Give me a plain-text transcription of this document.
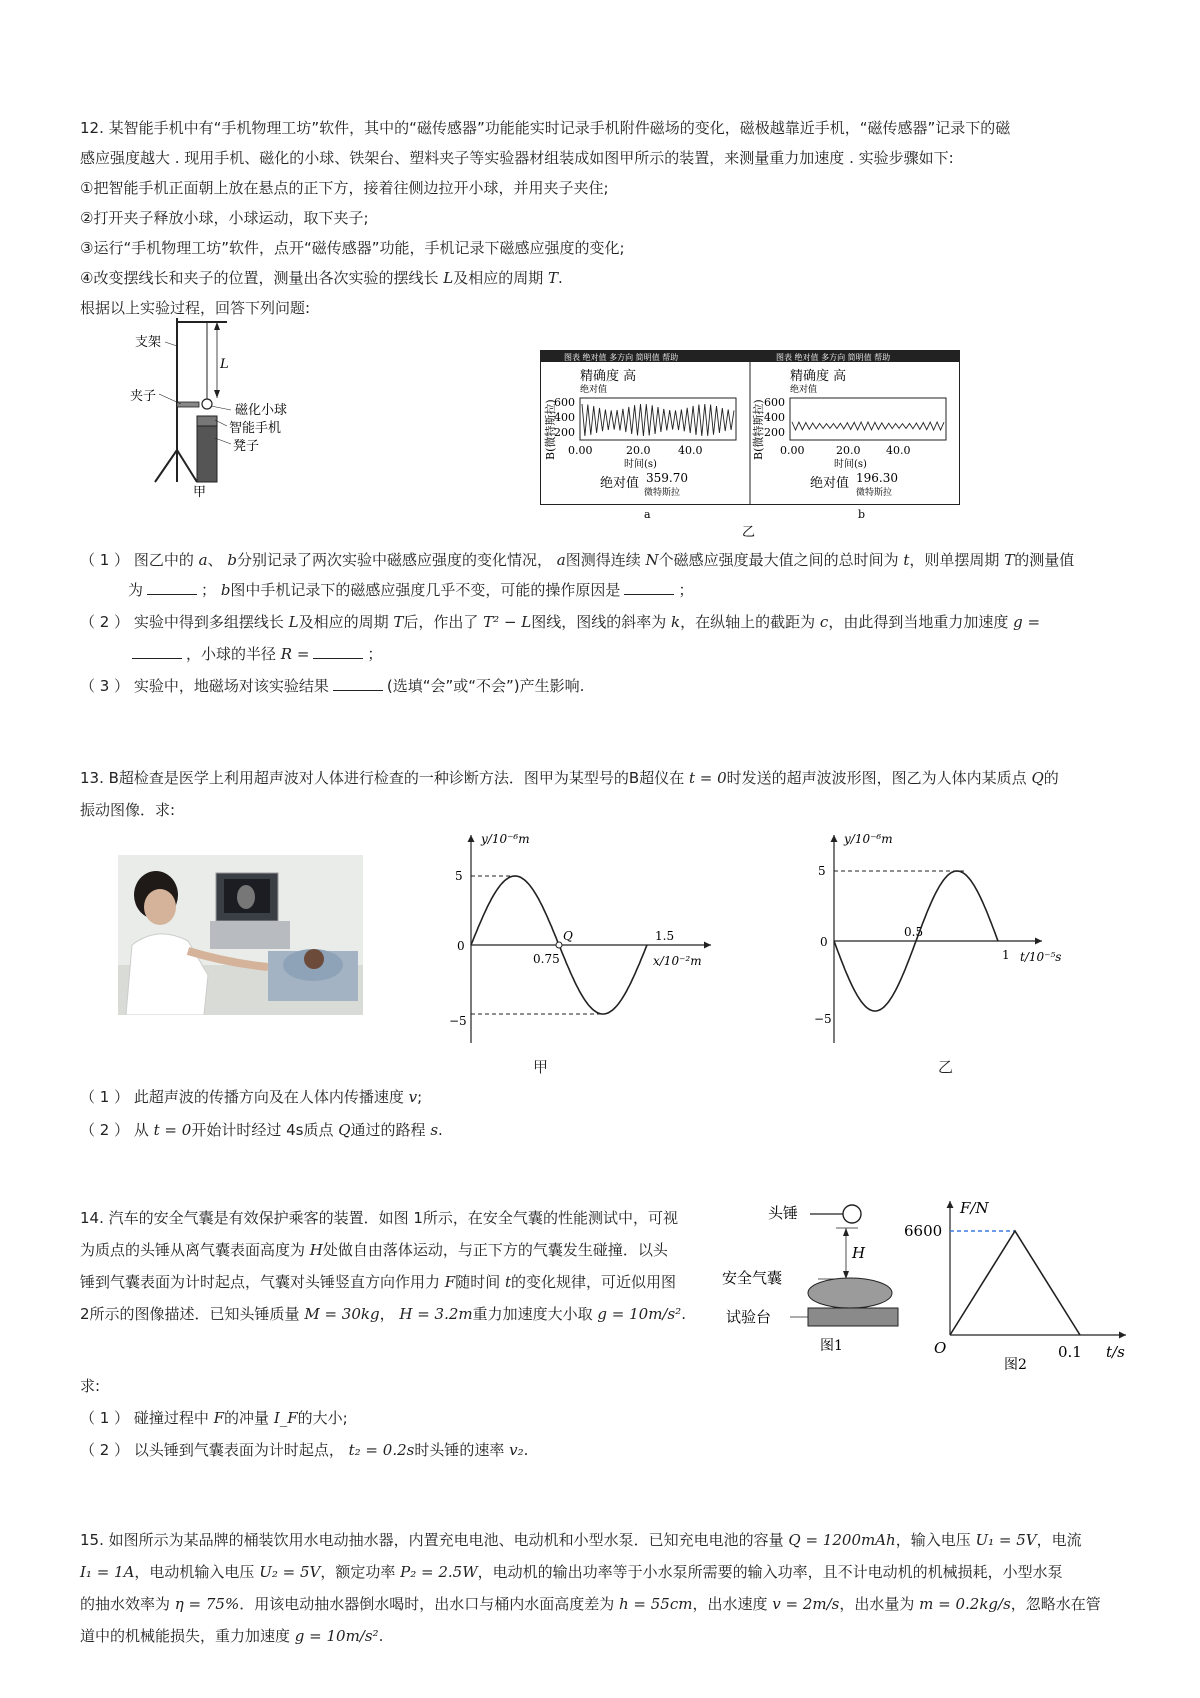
12. 某智能手机中有“手机物理工坊”软件，其中的“磁传感器”功能能实时记录手机附件磁场的变化，磁极越靠近手机，“磁传感器”记录下的磁
感应强度越大 . 现用手机、磁化的小球、铁架台、塑料夹子等实验器材组装成如图甲所示的装置，来测量重力加速度 . 实验步骤如下:
①把智能手机正面朝上放在悬点的正下方，接着往侧边拉开小球，并用夹子夹住;
②打开夹子释放小球，小球运动，取下夹子;
③运行“手机物理工坊”软件，点开“磁传感器”功能，手机记录下磁感应强度的变化;
④改变摆线长和夹子的位置，测量出各次实验的摆线长 L及相应的周期 T.
根据以上实验过程，回答下列问题:
支架
L
夹子
磁化小球
智能手机
凳子
甲
图表 绝对值 多方向 简明值 帮助	图表 绝对值 多方向 简明值 帮助
精确度 高
绝对值
B(微特斯拉)
600
400
200
0.00	20.0	40.0
时间(s)
绝对值 359.70
微特斯拉
a
精确度 高
绝对值
B(微特斯拉) 600
400
200
0.00	20.0 40.0
时间(s)
绝对值 196.30
微特斯拉
b
乙
（ 1 ） 图乙中的 a、 b分别记录了两次实验中磁感应强度的变化情况， a图测得连续 N个磁感应强度最大值之间的总时间为 t，则单摆周期 T的测量值
为	； b图中手机记录下的磁感应强度几乎不变，可能的操作原因是	；
（ 2 ） 实验中得到多组摆线长 L及相应的周期 T后，作出了 T² − L图线，图线的斜率为 k，在纵轴上的截距为 c，由此得到当地重力加速度 g =
，小球的半径 R =	；
（ 3 ） 实验中，地磁场对该实验结果	(选填“会”或“不会”)产生影响.
13. B超检查是医学上利用超声波对人体进行检查的一种诊断方法．图甲为某型号的B超仪在 t = 0时发送的超声波波形图，图乙为人体内某质点 Q的
振动图像．求:
y/10⁻⁶m
x/10⁻²m
5
0
−5
0.75
1.5
Q
甲
y/10⁻⁶m
t/10⁻⁵s
5
0
−5
0.5
1
乙
（ 1 ） 此超声波的传播方向及在人体内传播速度 v;
（ 2 ） 从 t = 0开始计时经过 4s质点 Q通过的路程 s.
14. 汽车的安全气囊是有效保护乘客的装置．如图 1所示，在安全气囊的性能测试中，可视
为质点的头锤从离气囊表面高度为 H处做自由落体运动，与正下方的气囊发生碰撞．以头
锤到气囊表面为计时起点，气囊对头锤竖直方向作用力 F随时间 t的变化规律，可近似用图
2所示的图像描述．已知头锤质量 M = 30kg， H = 3.2m重力加速度大小取 g = 10m/s².
头锤
H
安全气囊
试验台
图1
F/N
6600
O	0.1 t/s
图2
求:
（ 1 ） 碰撞过程中 F的冲量 I_F的大小;
（ 2 ） 以头锤到气囊表面为计时起点， t₂ = 0.2s时头锤的速率 v₂.
15. 如图所示为某品牌的桶装饮用水电动抽水器，内置充电电池、电动机和小型水泵．已知充电电池的容量 Q = 1200mAh，输入电压 U₁ = 5V，电流
I₁ = 1A，电动机输入电压 U₂ = 5V，额定功率 P₂ = 2.5W，电动机的输出功率等于小水泵所需要的输入功率，且不计电动机的机械损耗，小型水泵
的抽水效率为 η = 75%．用该电动抽水器倒水喝时，出水口与桶内水面高度差为 h = 55cm，出水速度 v = 2m/s，出水量为 m = 0.2kg/s，忽略水在管
道中的机械能损失，重力加速度 g = 10m/s².
